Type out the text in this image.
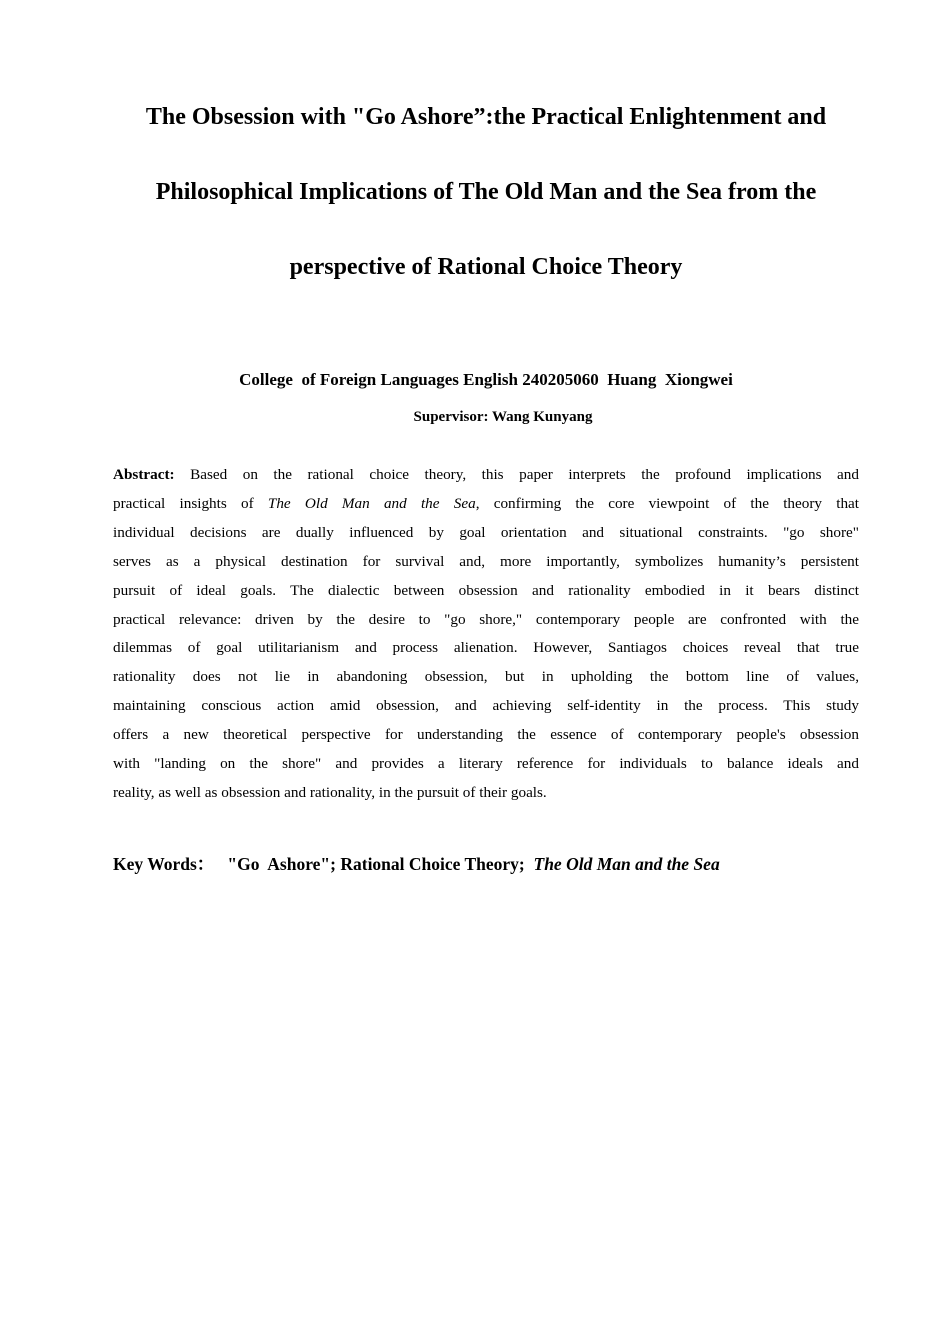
The Obsession with "Go Ashore”:the Practical Enlightenment and
Philosophical Implications of The Old Man and the Sea from the
perspective of Rational Choice Theory
College  of Foreign Languages English 240205060  Huang  Xiongwei
Supervisor: Wang Kunyang
Abstract: Based on the rational choice theory, this paper interprets the profound implications and
practical insights of The Old Man and the Sea, confirming the core viewpoint of the theory that
individual decisions are dually influenced by goal orientation and situational constraints. "go shore"
serves as a physical destination for survival and, more importantly, symbolizes humanity’s persistent
pursuit of ideal goals. The dialectic between obsession and rationality embodied in it bears distinct
practical relevance: driven by the desire to "go shore," contemporary people are confronted with the
dilemmas of goal utilitarianism and process alienation. However, Santiagos choices reveal that true
rationality does not lie in abandoning obsession, but in upholding the bottom line of values,
maintaining conscious action amid obsession, and achieving self-identity in the process. This study
offers a new theoretical perspective for understanding the essence of contemporary people's obsession
with "landing on the shore" and provides a literary reference for individuals to balance ideals and
reality, as well as obsession and rationality, in the pursuit of their goals.
Key Words： "Go  Ashore"; Rational Choice Theory;  The Old Man and the Sea
